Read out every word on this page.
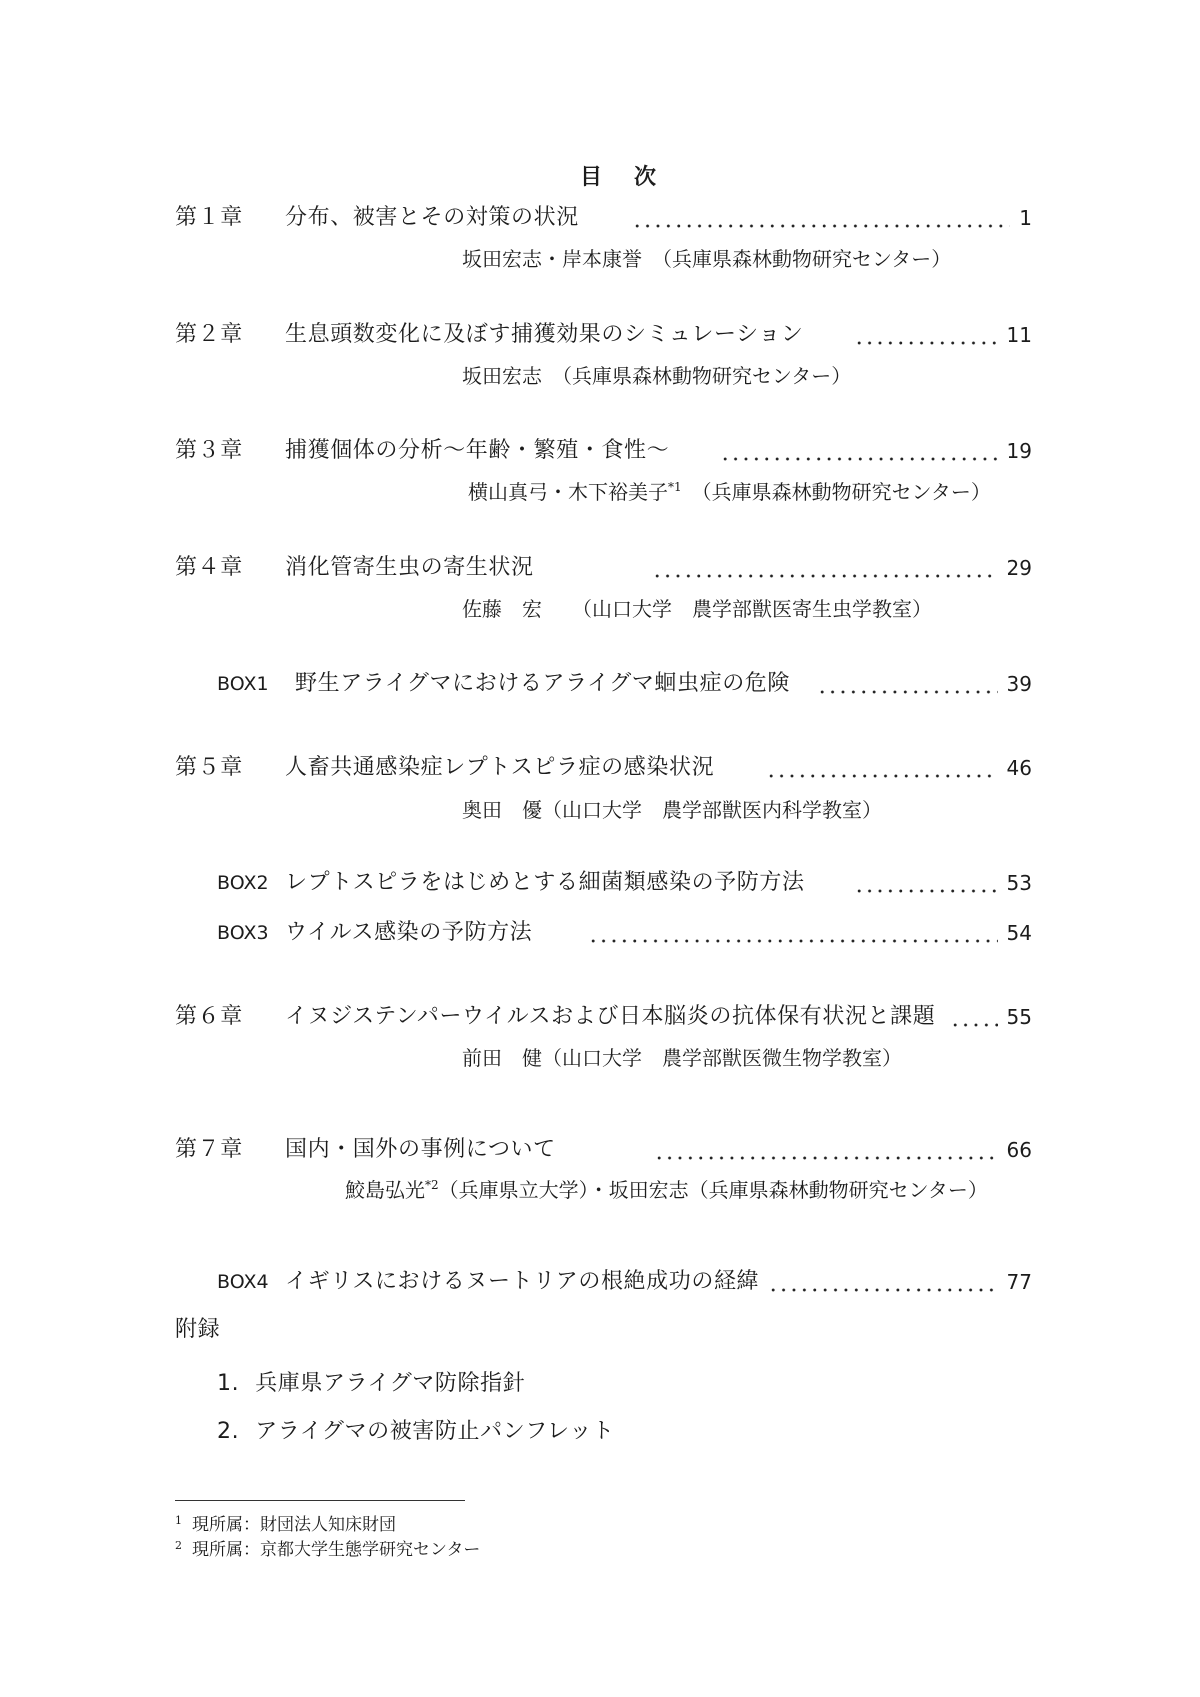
目　次
第１章 分布、被害とその対策の状況	1
坂田宏志・岸本康誉　（兵庫県森林動物研究センター）
第２章 生息頭数変化に及ぼす捕獲効果のシミュレーション	11
坂田宏志　（兵庫県森林動物研究センター）
第３章 捕獲個体の分析～年齢・繁殖・食性～	19
横山真弓・木下裕美子$^{*1}$　（兵庫県森林動物研究センター）
第４章 消化管寄生虫の寄生状況	29
佐藤　宏　　（山口大学　農学部獣医寄生虫学教室）
BOX1 野生アライグマにおけるアライグマ蛔虫症の危険	39
第５章 人畜共通感染症レプトスピラ症の感染状況	46
奥田　優（山口大学　農学部獣医内科学教室）
BOX2 レプトスピラをはじめとする細菌類感染の予防方法	53
BOX3 ウイルス感染の予防方法	54
第６章 イヌジステンパーウイルスおよび日本脳炎の抗体保有状況と課題	55
前田　健（山口大学　農学部獣医微生物学教室）
第７章 国内・国外の事例について	66
鮫島弘光$^{*2}$（兵庫県立大学）・坂田宏志（兵庫県森林動物研究センター）
BOX4 イギリスにおけるヌートリアの根絶成功の経緯	77
附録
1. 兵庫県アライグマ防除指針
2. アライグマの被害防止パンフレット
$^1$ 現所属：財団法人知床財団
$^2$ 現所属：京都大学生態学研究センター
